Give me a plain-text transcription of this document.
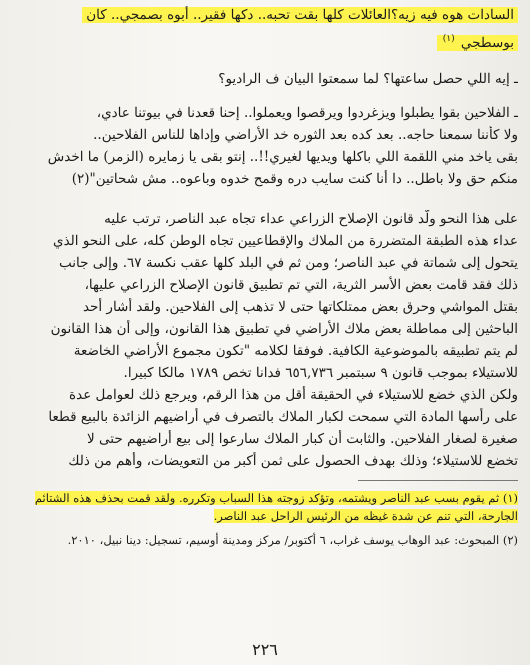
السادات هوه فيه زيه؟العائلات كلها بقت تحبه.. دكها فقير.. أبوه بصمجي.. كان
بوسطجي $^{(١)}$
ـ إيه اللي حصل ساعتها؟ لما سمعتوا البيان ف الراديو؟
ـ الفلاحين بقوا يطبلوا ويزغردوا ويرقصوا ويعملوا.. إحنا قعدنا في بيوتنا عادي،
ولا كأننا سمعنا حاجه.. بعد كده بعد الثوره خد الأراضي وإداها للناس الفلاحين..
بقى ياخد مني اللقمة اللي باكلها ويديها لغيري!!.. إنتو بقى يا زمايره (الزمر) ما اخدش
منكم حق ولا باطل.. دا أنا كنت سايب دره وقمح خدوه وباعوه.. مش شحاتين"(٢)
على هذا النحو ولّد قانون الإصلاح الزراعي عداء تجاه عبد الناصر، ترتب عليه
عداء هذه الطبقة المتضررة من الملاك والإقطاعيين تجاه الوطن كله، على النحو الذي
يتحول إلى شماتة في عبد الناصر؛ ومن ثم في البلد كلها عقب نكسة ٦٧. وإلى جانب
ذلك فقد قامت بعض الأسر الثرية، التي تم تطبيق قانون الإصلاح الزراعي عليها،
بقتل المواشي وحرق بعض ممتلكاتها حتى لا تذهب إلى الفلاحين. ولقد أشار أحد
الباحثين إلى مماطلة بعض ملاك الأراضي في تطبيق هذا القانون، وإلى أن هذا القانون
لم يتم تطبيقه بالموضوعية الكافية. فوفقا لكلامه "تكون مجموع الأراضي الخاضعة
للاستيلاء بموجب قانون ٩ سبتمبر ٦٥٦,٧٣٦ فدانا تخص ١٧٨٩ مالكا كبيرا.
ولكن الذي خضع للاستيلاء في الحقيقة أقل من هذا الرقم، ويرجع ذلك لعوامل عدة
على رأسها المادة التي سمحت لكبار الملاك بالتصرف في أراضيهم الزائدة بالبيع قطعا
صغيرة لصغار الفلاحين. والثابت أن كبار الملاك سارعوا إلى بيع أراضيهم حتى لا
تخضع للاستيلاء؛ وذلك بهدف الحصول على ثمن أكبر من التعويضات، وأهم من ذلك
(١) ثم يقوم بسب عبد الناصر ويشتمه، وتؤكد زوجته هذا السباب وتكرره. ولقد قمت بحذف هذه الشتائم
الجارحة، التي تنم عن شدة غيظه من الرئيس الراحل عبد الناصر.
(٢) المبحوث: عبد الوهاب يوسف غراب، ٦ أكتوبر/ مركز ومدينة أوسيم، تسجيل: دينا نبيل، ٢٠١٠.
٢٢٦
